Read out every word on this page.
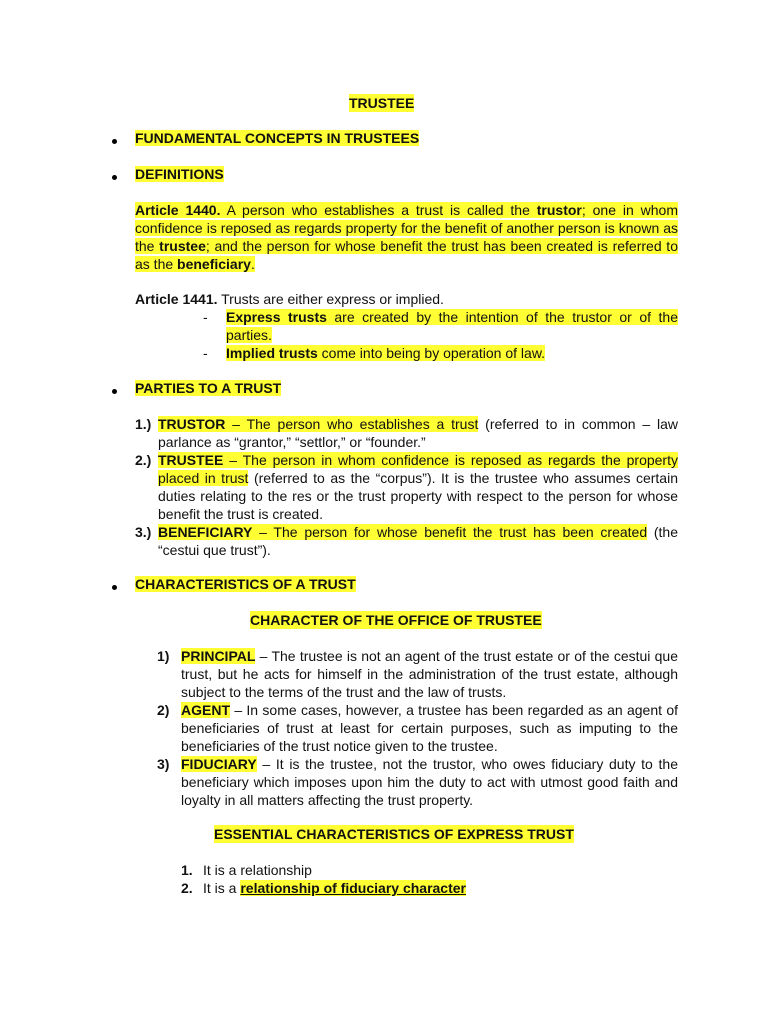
TRUSTEE
FUNDAMENTAL CONCEPTS IN TRUSTEES
DEFINITIONS
Article 1440. A person who establishes a trust is called the trustor; one in whom confidence is reposed as regards property for the benefit of another person is known as the trustee; and the person for whose benefit the trust has been created is referred to as the beneficiary.
Article 1441. Trusts are either express or implied.
- Express trusts are created by the intention of the trustor or of the parties.
- Implied trusts come into being by operation of law.
PARTIES TO A TRUST
1.) TRUSTOR – The person who establishes a trust (referred to in common – law parlance as “grantor,” “settlor,” or “founder.”
2.) TRUSTEE – The person in whom confidence is reposed as regards the property placed in trust (referred to as the “corpus”). It is the trustee who assumes certain duties relating to the res or the trust property with respect to the person for whose benefit the trust is created.
3.) BENEFICIARY – The person for whose benefit the trust has been created (the “cestui que trust”).
CHARACTERISTICS OF A TRUST
CHARACTER OF THE OFFICE OF TRUSTEE
1) PRINCIPAL – The trustee is not an agent of the trust estate or of the cestui que trust, but he acts for himself in the administration of the trust estate, although subject to the terms of the trust and the law of trusts.
2) AGENT – In some cases, however, a trustee has been regarded as an agent of beneficiaries of trust at least for certain purposes, such as imputing to the beneficiaries of the trust notice given to the trustee.
3) FIDUCIARY – It is the trustee, not the trustor, who owes fiduciary duty to the beneficiary which imposes upon him the duty to act with utmost good faith and loyalty in all matters affecting the trust property.
ESSENTIAL CHARACTERISTICS OF EXPRESS TRUST
1. It is a relationship
2. It is a relationship of fiduciary character
